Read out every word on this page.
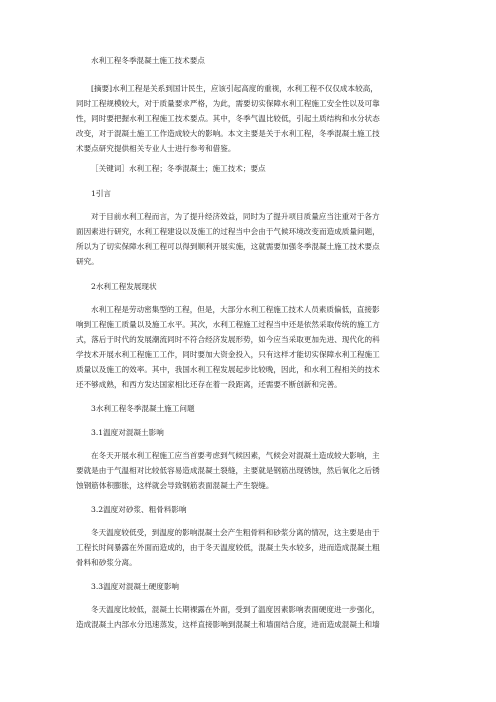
水利工程冬季混凝土施工技术要点
[摘要]水利工程是关系到国计民生，应该引起高度的重视，水利工程不仅仅成本较高，
同时工程规模较大，对于质量要求严格，为此，需要切实保障水利工程施工安全性以及可靠
性，同时要把握水利工程施工技术要点。其中，冬季气温比较低，引起土质结构和水分状态
改变，对于混凝土施工工作造成较大的影响。本文主要是关于水利工程，冬季混凝土施工技
术要点研究提供相关专业人士进行参考和借鉴。
［关键词］水利工程；冬季混凝土；施工技术；要点
1引言
对于目前水利工程而言，为了提升经济效益，同时为了提升项目质量应当注重对于各方
面因素进行研究，水利工程建设以及施工的过程当中会由于气候环境改变而造成质量问题，
所以为了切实保障水利工程可以得到顺利开展实施，这就需要加强冬季混凝土施工技术要点
研究。
2水利工程发展现状
水利工程是劳动密集型的工程，但是，大部分水利工程施工技术人员素质偏低，直接影
响到工程施工质量以及施工水平。其次，水利工程施工过程当中还是依然采取传统的施工方
式，落后于时代的发展潮流同时不符合经济发展形势，如今应当采取更加先进、现代化的科
学技术开展水利工程施工工作，同时要加大资金投入，只有这样才能切实保障水利工程施工
质量以及施工的效率。其中，我国水利工程发展起步比较晚，因此，和水利工程相关的技术
还不够成熟，和西方发达国家相比还存在着一段距离，还需要不断创新和完善。
3水利工程冬季混凝土施工问题
3.1温度对混凝土影响
在冬天开展水利工程施工应当首要考虑到气候因素，气候会对混凝土造成较大影响，主
要就是由于气温相对比较低容易造成混凝土裂缝，主要就是钢筋出现锈蚀，然后氧化之后锈
蚀钢筋体积膨胀，这样就会导致钢筋表面混凝土产生裂缝。
3.2温度对砂浆、粗骨料影响
冬天温度较低受，到温度的影响混凝土会产生粗骨料和砂浆分离的情况，这主要是由于
工程长时间暴露在外面而造成的，由于冬天温度较低，混凝土失水较多，进而造成混凝土粗
骨料和砂浆分离。
3.3温度对混凝土硬度影响
冬天温度比较低，混凝土长期裸露在外面，受到了温度因素影响表面硬度进一步强化，
造成混凝土内部水分迅速蒸发，这样直接影响到混凝土和墙面结合度，进而造成混凝土和墙
